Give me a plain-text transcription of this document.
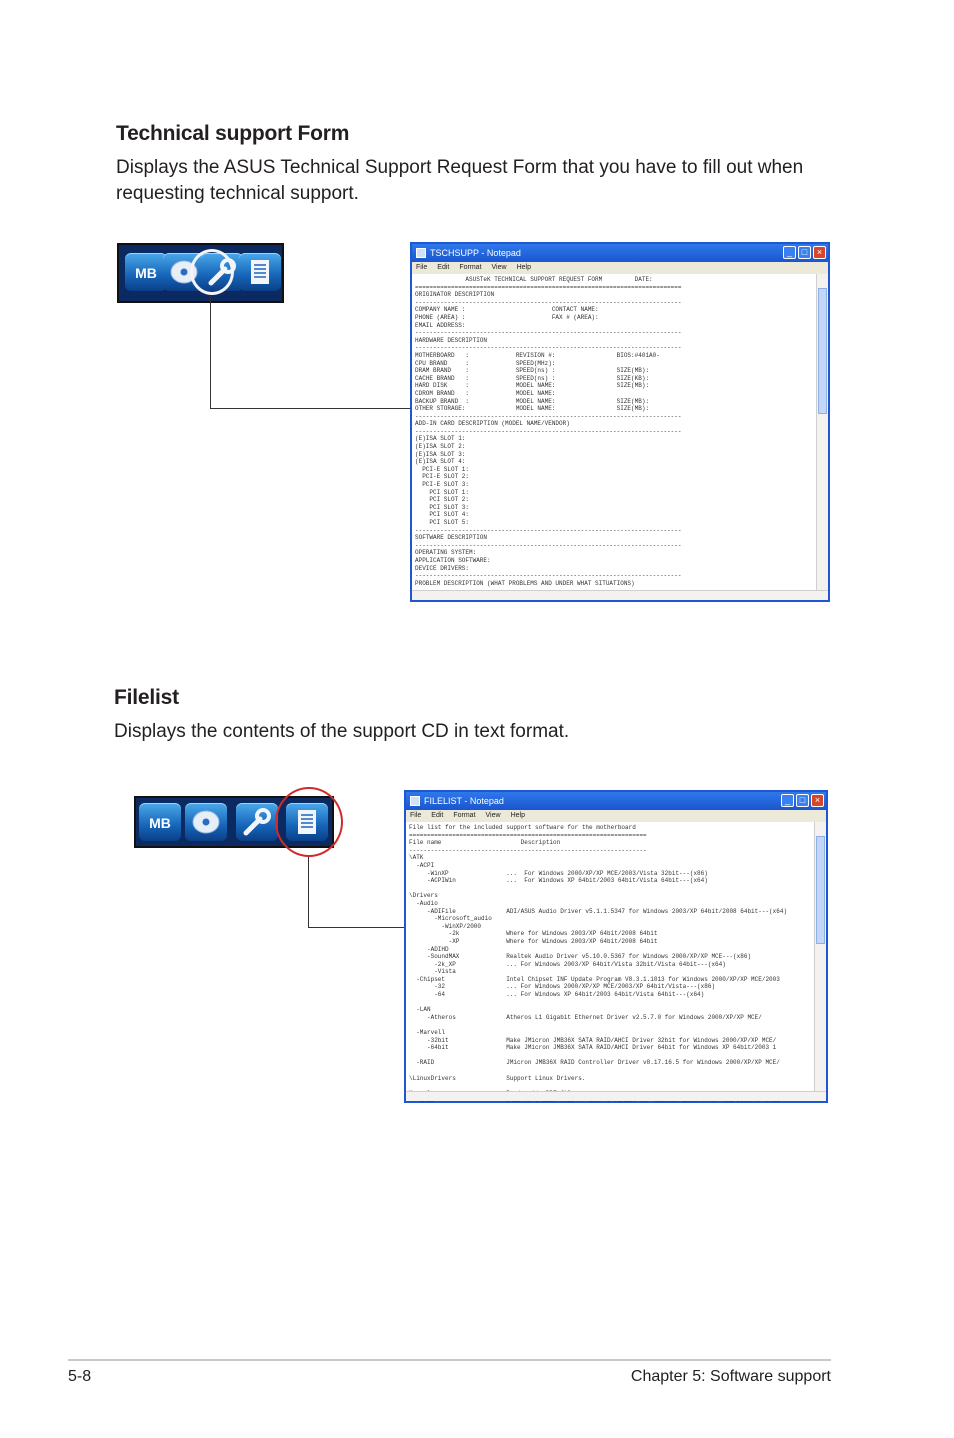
Technical support Form
Displays the ASUS Technical Support Request Form that you have to fill out when
requesting technical support.
MB
TSCHSUPP - Notepad	_ □ ×
File Edit Format View Help
ASUSTeK TECHNICAL SUPPORT REQUEST FORM         DATE:
==========================================================================
ORIGINATOR DESCRIPTION
--------------------------------------------------------------------------
COMPANY NAME :                        CONTACT NAME:
PHONE (AREA) :                        FAX # (AREA):
EMAIL ADDRESS:
--------------------------------------------------------------------------
HARDWARE DESCRIPTION
--------------------------------------------------------------------------
MOTHERBOARD   :             REVISION #:                 BIOS:#401A0-
CPU BRAND     :             SPEED(MHz):
DRAM BRAND    :             SPEED(ns) :                 SIZE(MB):
CACHE BRAND   :             SPEED(ns) :                 SIZE(KB):
HARD DISK     :             MODEL NAME:                 SIZE(MB):
CDROM BRAND   :             MODEL NAME:
BACKUP BRAND  :             MODEL NAME:                 SIZE(MB):
OTHER STORAGE:              MODEL NAME:                 SIZE(MB):
--------------------------------------------------------------------------
ADD-IN CARD DESCRIPTION (MODEL NAME/VENDOR)
--------------------------------------------------------------------------
(E)ISA SLOT 1:
(E)ISA SLOT 2:
(E)ISA SLOT 3:
(E)ISA SLOT 4:
PCI-E SLOT 1:
PCI-E SLOT 2:
PCI-E SLOT 3:
PCI SLOT 1:
PCI SLOT 2:
PCI SLOT 3:
PCI SLOT 4:
PCI SLOT 5:
--------------------------------------------------------------------------
SOFTWARE DESCRIPTION
--------------------------------------------------------------------------
OPERATING SYSTEM:
APPLICATION SOFTWARE:
DEVICE DRIVERS:
--------------------------------------------------------------------------
PROBLEM DESCRIPTION (WHAT PROBLEMS AND UNDER WHAT SITUATIONS)

Filelist
Displays the contents of the support CD in text format.
MB
FILELIST - Notepad	_ □ ×
File Edit Format View Help
File list for the included support software for the motherboard
==================================================================
File name                      Description
------------------------------------------------------------------
\ATK
-ACPI
-WinXP                ...  For Windows 2000/XP/XP MCE/2003/Vista 32bit---(x86)
-ACPIWin              ...  For Windows XP 64bit/2003 64bit/Vista 64bit---(x64)

\Drivers
-Audio
-ADIFile              ADI/ASUS Audio Driver v5.1.1.5347 for Windows 2003/XP 64bit/2008 64bit---(x64)
-Microsoft_audio
-WinXP/2000
-2k             Where for Windows 2003/XP 64bit/2008 64bit
-XP             Where for Windows 2003/XP 64bit/2008 64bit
-ADIHD
-SoundMAX             Realtek Audio Driver v5.10.0.5367 for Windows 2000/XP/XP MCE---(x86)
-2k_XP              ... For Windows 2003/XP 64bit/Vista 32bit/Vista 64bit---(x64)
-Vista
-Chipset                 Intel Chipset INF Update Program V8.3.1.1013 for Windows 2000/XP/XP MCE/2003
-32                 ... For Windows 2000/XP/XP MCE/2003/XP 64bit/Vista---(x86)
-64                 ... For Windows XP 64bit/2003 64bit/Vista 64bit---(x64)

-LAN
-Atheros              Atheros L1 Gigabit Ethernet Driver v2.5.7.0 for Windows 2000/XP/XP MCE/

-Marvell
-32bit                Make JMicron JMB36X SATA RAID/AHCI Driver 32bit for Windows 2000/XP/XP MCE/
-64bit                Make JMicron JMB36X SATA RAID/AHCI Driver 64bit for Windows XP 64bit/2003 1

-RAID                    JMicron JMB36X RAID Controller Driver v8.17.16.5 for Windows 2000/XP/XP MCE/

\LinuxDrivers              Support Linux Drivers.

5-8	Chapter 5: Software support
